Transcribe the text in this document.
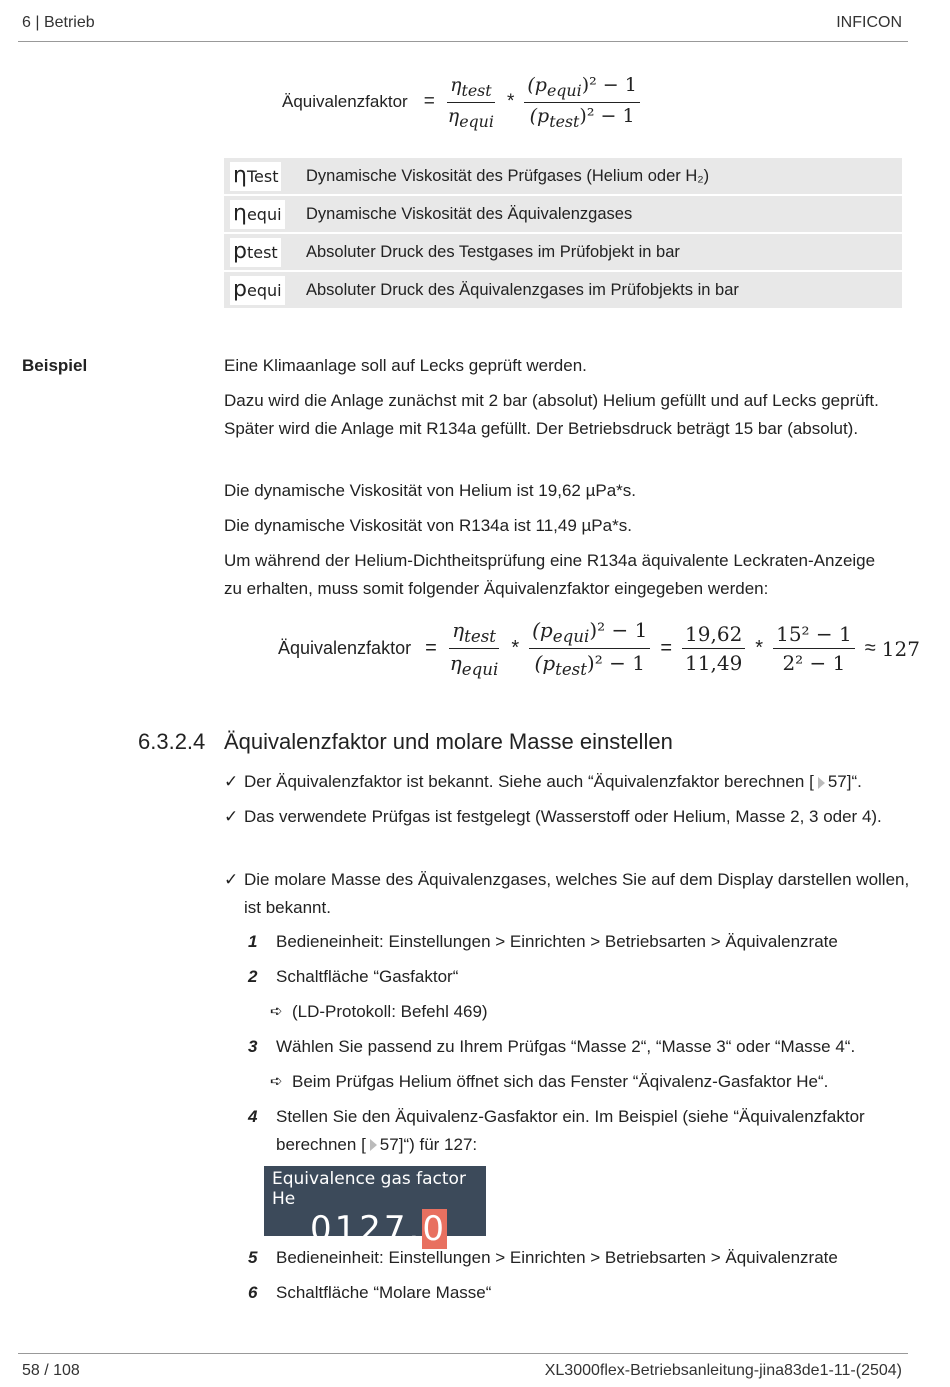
6 | Betrieb	INFICON
Äquivalenzfaktor = $\frac{\eta_{test}}{\eta_{equi}} * \frac{(p_{equi})^2 - 1}{(p_{test})^2 - 1}$
ηTest	Dynamische Viskosität des Prüfgases (Helium oder H₂)
ηequi	Dynamische Viskosität des Äquivalenzgases
ptest	Absoluter Druck des Testgases im Prüfobjekt in bar
pequi	Absoluter Druck des Äquivalenzgases im Prüfobjekts in bar
Beispiel	Eine Klimaanlage soll auf Lecks geprüft werden.
Dazu wird die Anlage zunächst mit 2 bar (absolut) Helium gefüllt und auf Lecks geprüft. Später wird die Anlage mit R134a gefüllt. Der Betriebsdruck beträgt 15 bar (absolut).
Die dynamische Viskosität von Helium ist 19,62 µPa*s.
Die dynamische Viskosität von R134a ist 11,49 µPa*s.
Um während der Helium-Dichtheitsprüfung eine R134a äquivalente Leckraten-Anzeige zu erhalten, muss somit folgender Äquivalenzfaktor eingegeben werden:
Äquivalenzfaktor = $\frac{\eta_{test}}{\eta_{equi}} * \frac{(p_{equi})^2 - 1}{(p_{test})^2 - 1} = \frac{19,62}{11,49} * \frac{\text{15² − 1}}{\text{2² − 1}} \approx 127$
6.3.2.4 Äquivalenzfaktor und molare Masse einstellen
✓ Der Äquivalenzfaktor ist bekannt. Siehe auch “Äquivalenzfaktor berechnen [ 57]“.
✓ Das verwendete Prüfgas ist festgelegt (Wasserstoff oder Helium, Masse 2, 3 oder 4).
✓ Die molare Masse des Äquivalenzgases, welches Sie auf dem Display darstellen wollen, ist bekannt.
1 Bedieneinheit: Einstellungen > Einrichten > Betriebsarten > Äquivalenzrate
2 Schaltfläche “Gasfaktor“
➪ (LD-Protokoll: Befehl 469)
3 Wählen Sie passend zu Ihrem Prüfgas “Masse 2“, “Masse 3“ oder “Masse 4“.
➪ Beim Prüfgas Helium öffnet sich das Fenster “Äqivalenz-Gasfaktor He“.
4 Stellen Sie den Äquivalenz-Gasfaktor ein. Im Beispiel (siehe “Äquivalenzfaktor berechnen [ 57]“) für 127:
Equivalence gas factor He
0127.0
5 Bedieneinheit: Einstellungen > Einrichten > Betriebsarten > Äquivalenzrate
6 Schaltfläche “Molare Masse“
58 / 108	XL3000flex-Betriebsanleitung-jina83de1-11-(2504)
